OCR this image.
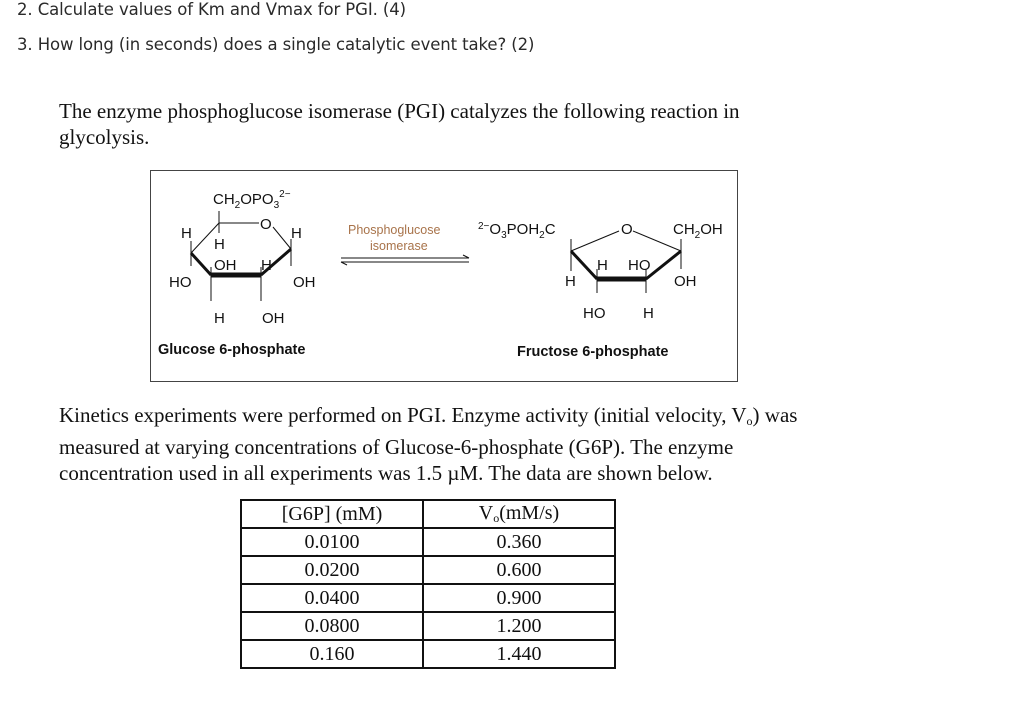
2. Calculate values of Km and Vmax for PGI. (4)
3. How long (in seconds) does a single catalytic event take? (2)
The enzyme phosphoglucose isomerase (PGI) catalyzes the following reaction in
glycolysis.
$CH_2OPO_3^{2-}$
O
H
H
H
OH H
HO	OH
H OH
Glucose 6-phosphate
Phosphoglucose
isomerase
$^{2-}O_3POH_2C$	O	$CH_2OH$
H
H HO
OH
HO	H
Fructose 6-phosphate
Kinetics experiments were performed on PGI. Enzyme activity (initial velocity, $V_o$) was
measured at varying concentrations of Glucose-6-phosphate (G6P). The enzyme
concentration used in all experiments was 1.5 µM. The data are shown below.
[G6P] (mM)	$V_o(mM/s)$
0.0100	0.360
0.0200	0.600
0.0400	0.900
0.0800	1.200
0.160	1.440
